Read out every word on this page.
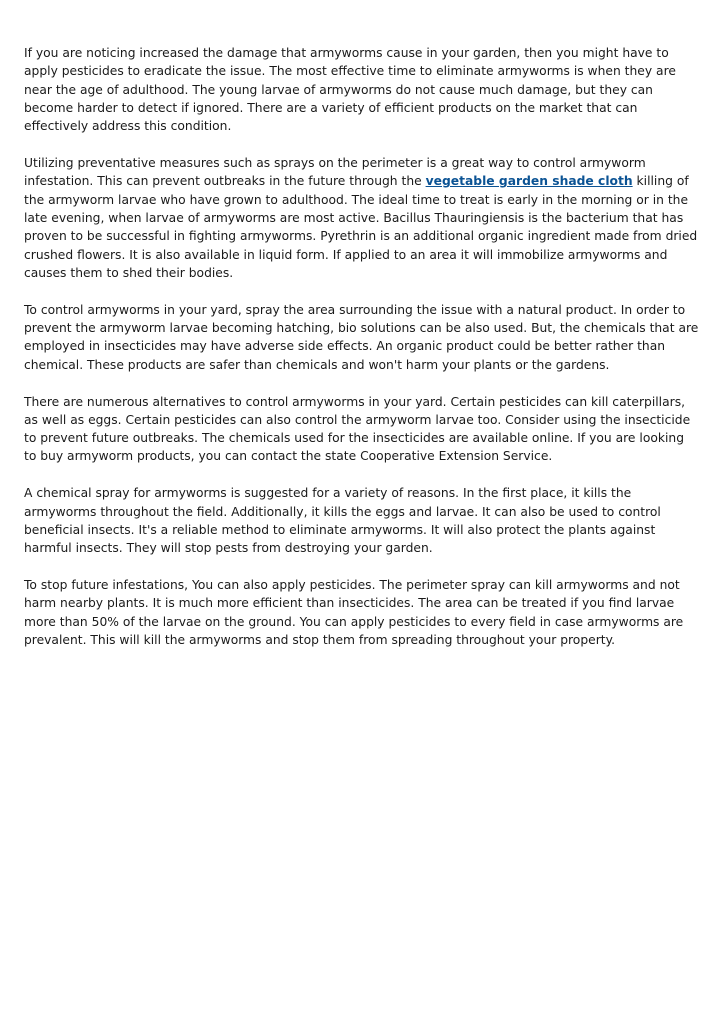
If you are noticing increased the damage that armyworms cause in your garden, then you might have to apply pesticides to eradicate the issue. The most effective time to eliminate armyworms is when they are near the age of adulthood. The young larvae of armyworms do not cause much damage, but they can become harder to detect if ignored. There are a variety of efficient products on the market that can effectively address this condition.

Utilizing preventative measures such as sprays on the perimeter is a great way to control armyworm infestation. This can prevent outbreaks in the future through the vegetable garden shade cloth killing of the armyworm larvae who have grown to adulthood. The ideal time to treat is early in the morning or in the late evening, when larvae of armyworms are most active. Bacillus Thauringiensis is the bacterium that has proven to be successful in fighting armyworms. Pyrethrin is an additional organic ingredient made from dried crushed flowers. It is also available in liquid form. If applied to an area it will immobilize armyworms and causes them to shed their bodies.

To control armyworms in your yard, spray the area surrounding the issue with a natural product. In order to prevent the armyworm larvae becoming hatching, bio solutions can be also used. But, the chemicals that are employed in insecticides may have adverse side effects. An organic product could be better rather than chemical. These products are safer than chemicals and won't harm your plants or the gardens.

There are numerous alternatives to control armyworms in your yard. Certain pesticides can kill caterpillars, as well as eggs. Certain pesticides can also control the armyworm larvae too. Consider using the insecticide to prevent future outbreaks. The chemicals used for the insecticides are available online. If you are looking to buy armyworm products, you can contact the state Cooperative Extension Service.

A chemical spray for armyworms is suggested for a variety of reasons. In the first place, it kills the armyworms throughout the field. Additionally, it kills the eggs and larvae. It can also be used to control beneficial insects. It's a reliable method to eliminate armyworms. It will also protect the plants against harmful insects. They will stop pests from destroying your garden.

To stop future infestations, You can also apply pesticides. The perimeter spray can kill armyworms and not harm nearby plants. It is much more efficient than insecticides. The area can be treated if you find larvae more than 50% of the larvae on the ground. You can apply pesticides to every field in case armyworms are prevalent. This will kill the armyworms and stop them from spreading throughout your property.
